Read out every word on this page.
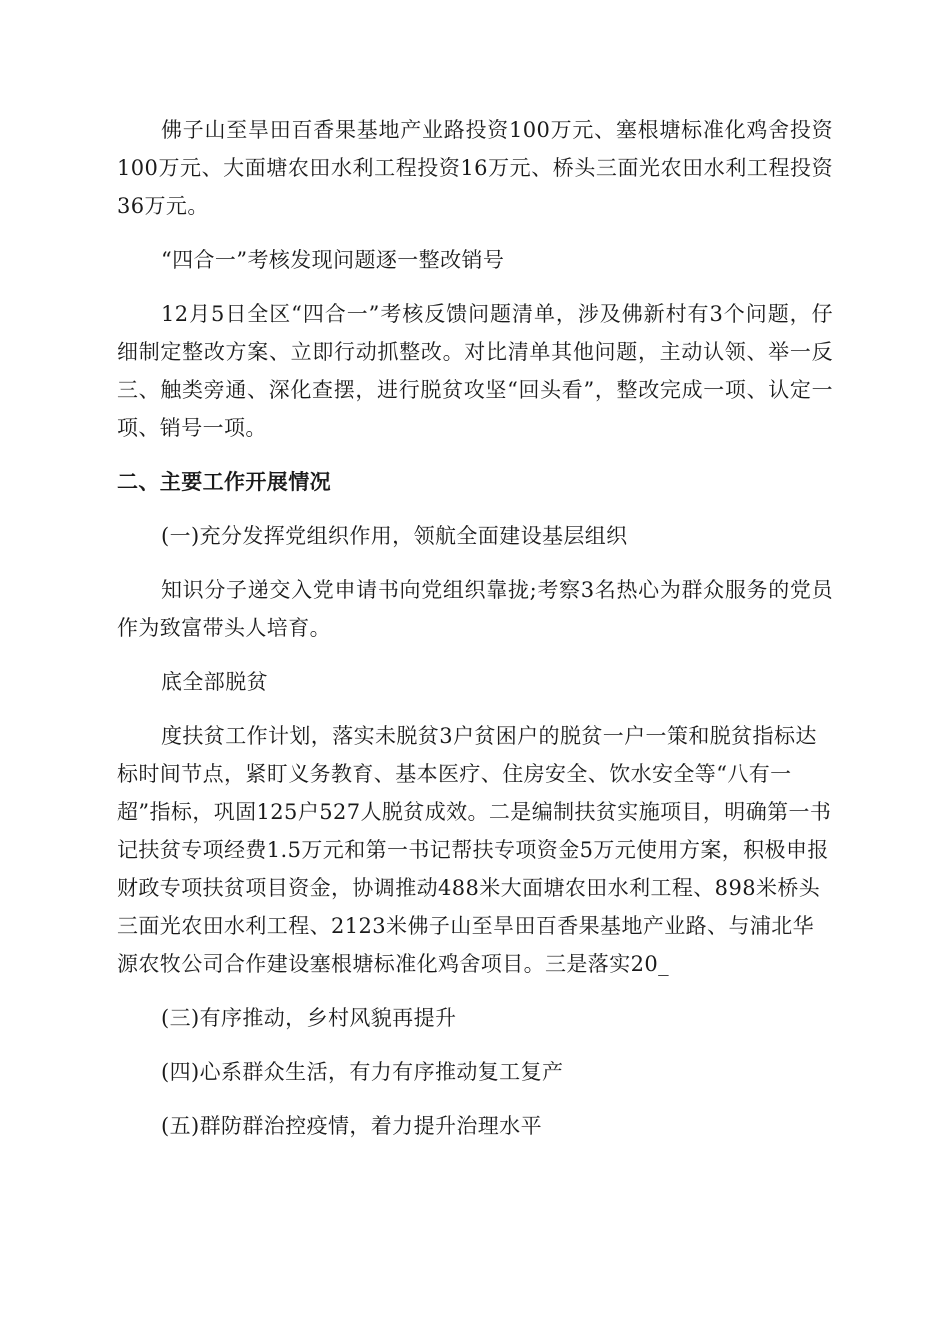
佛子山至旱田百香果基地产业路投资100万元、塞根塘标准化鸡舍投资100万元、大面塘农田水利工程投资16万元、桥头三面光农田水利工程投资36万元。

“四合一”考核发现问题逐一整改销号

12月5日全区“四合一”考核反馈问题清单，涉及佛新村有3个问题，仔细制定整改方案、立即行动抓整改。对比清单其他问题，主动认领、举一反三、触类旁通、深化查摆，进行脱贫攻坚“回头看”，整改完成一项、认定一项、销号一项。

二、主要工作开展情况

(一)充分发挥党组织作用，领航全面建设基层组织

知识分子递交入党申请书向党组织靠拢;考察3名热心为群众服务的党员作为致富带头人培育。

底全部脱贫

度扶贫工作计划，落实未脱贫3户贫困户的脱贫一户一策和脱贫指标达标时间节点，紧盯义务教育、基本医疗、住房安全、饮水安全等“八有一超”指标，巩固125户527人脱贫成效。二是编制扶贫实施项目，明确第一书记扶贫专项经费1.5万元和第一书记帮扶专项资金5万元使用方案，积极申报财政专项扶贫项目资金，协调推动488米大面塘农田水利工程、898米桥头三面光农田水利工程、2123米佛子山至旱田百香果基地产业路、与浦北华源农牧公司合作建设塞根塘标准化鸡舍项目。三是落实20_

(三)有序推动，乡村风貌再提升

(四)心系群众生活，有力有序推动复工复产

(五)群防群治控疫情，着力提升治理水平
